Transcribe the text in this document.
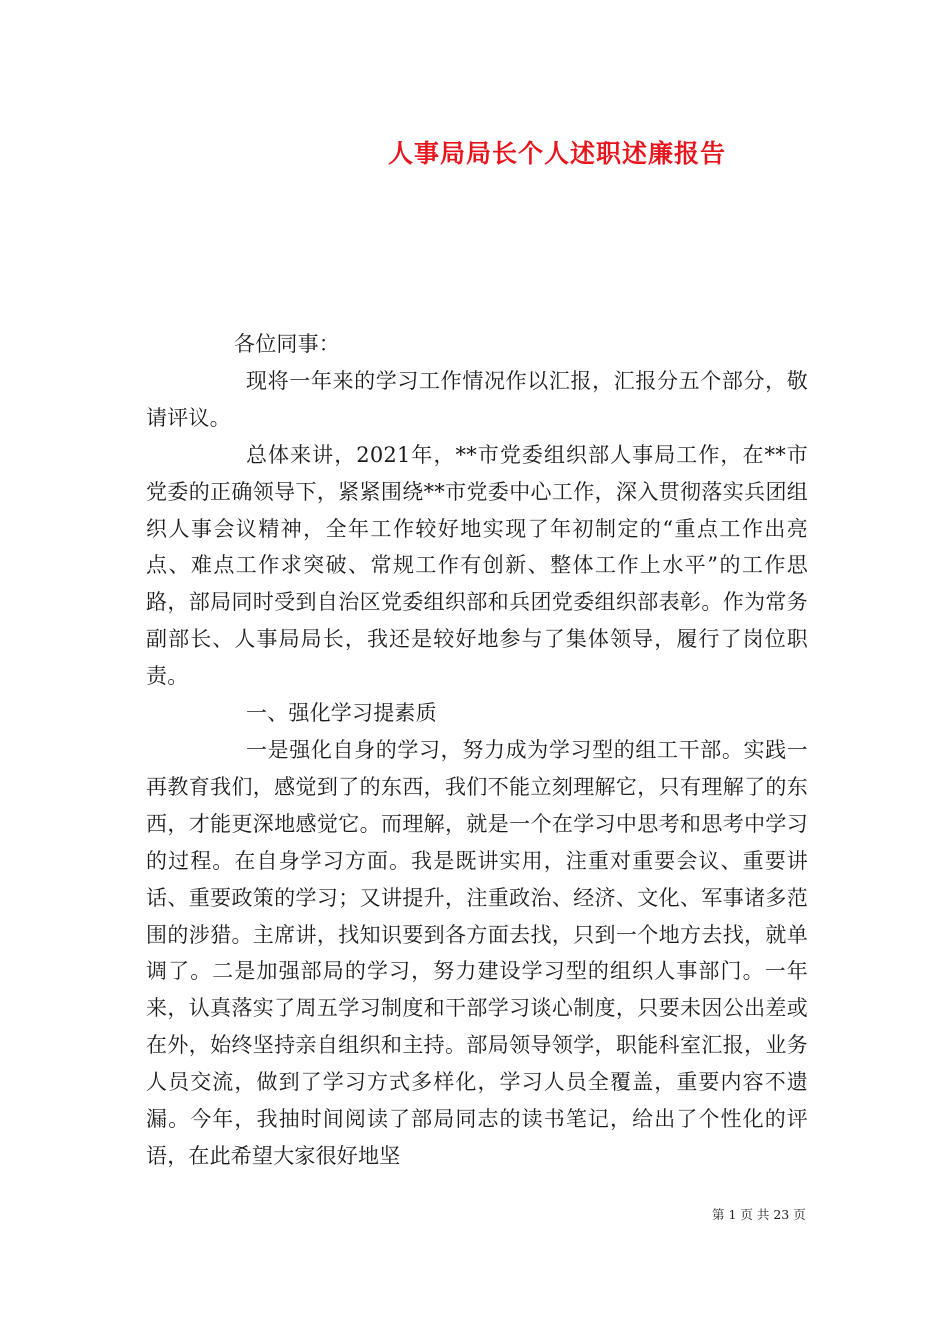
人事局局长个人述职述廉报告

各位同事：

现将一年来的学习工作情况作以汇报，汇报分五个部分，敬请评议。

总体来讲，2021年，**市党委组织部人事局工作，在**市党委的正确领导下，紧紧围绕**市党委中心工作，深入贯彻落实兵团组织人事会议精神，全年工作较好地实现了年初制定的“重点工作出亮点、难点工作求突破、常规工作有创新、整体工作上水平”的工作思路，部局同时受到自治区党委组织部和兵团党委组织部表彰。作为常务副部长、人事局局长，我还是较好地参与了集体领导，履行了岗位职责。

一、强化学习提素质

一是强化自身的学习，努力成为学习型的组工干部。实践一再教育我们，感觉到了的东西，我们不能立刻理解它，只有理解了的东西，才能更深地感觉它。而理解，就是一个在学习中思考和思考中学习的过程。在自身学习方面。我是既讲实用，注重对重要会议、重要讲话、重要政策的学习；又讲提升，注重政治、经济、文化、军事诸多范围的涉猎。主席讲，找知识要到各方面去找，只到一个地方去找，就单调了。二是加强部局的学习，努力建设学习型的组织人事部门。一年来，认真落实了周五学习制度和干部学习谈心制度，只要未因公出差或在外，始终坚持亲自组织和主持。部局领导领学，职能科室汇报，业务人员交流，做到了学习方式多样化，学习人员全覆盖，重要内容不遗漏。今年，我抽时间阅读了部局同志的读书笔记，给出了个性化的评语，在此希望大家很好地坚

第 1 页 共 23 页
